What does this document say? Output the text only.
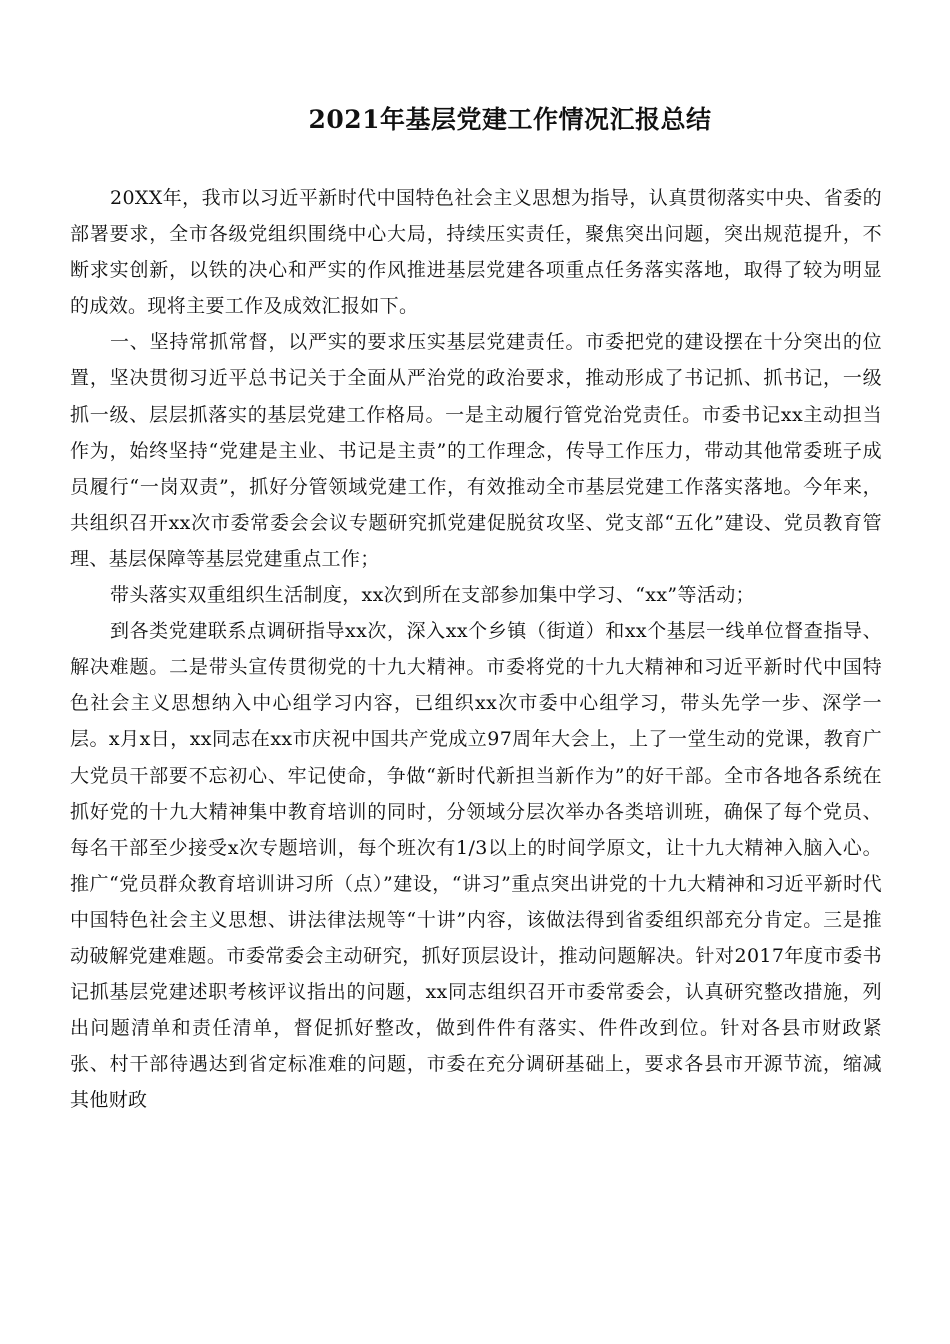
2021年基层党建工作情况汇报总结

20XX年，我市以习近平新时代中国特色社会主义思想为指导，认真贯彻落实中央、省委的部署要求，全市各级党组织围绕中心大局，持续压实责任，聚焦突出问题，突出规范提升，不断求实创新，以铁的决心和严实的作风推进基层党建各项重点任务落实落地，取得了较为明显的成效。现将主要工作及成效汇报如下。

一、坚持常抓常督，以严实的要求压实基层党建责任。市委把党的建设摆在十分突出的位置，坚决贯彻习近平总书记关于全面从严治党的政治要求，推动形成了书记抓、抓书记，一级抓一级、层层抓落实的基层党建工作格局。一是主动履行管党治党责任。市委书记xx主动担当作为，始终坚持“党建是主业、书记是主责”的工作理念，传导工作压力，带动其他常委班子成员履行“一岗双责”，抓好分管领域党建工作，有效推动全市基层党建工作落实落地。今年来，共组织召开xx次市委常委会会议专题研究抓党建促脱贫攻坚、党支部“五化”建设、党员教育管理、基层保障等基层党建重点工作；

带头落实双重组织生活制度，xx次到所在支部参加集中学习、“xx”等活动；

到各类党建联系点调研指导xx次，深入xx个乡镇（街道）和xx个基层一线单位督查指导、解决难题。二是带头宣传贯彻党的十九大精神。市委将党的十九大精神和习近平新时代中国特色社会主义思想纳入中心组学习内容，已组织xx次市委中心组学习，带头先学一步、深学一层。x月x日，xx同志在xx市庆祝中国共产党成立97周年大会上，上了一堂生动的党课，教育广大党员干部要不忘初心、牢记使命，争做“新时代新担当新作为”的好干部。全市各地各系统在抓好党的十九大精神集中教育培训的同时，分领域分层次举办各类培训班，确保了每个党员、每名干部至少接受x次专题培训，每个班次有1/3以上的时间学原文，让十九大精神入脑入心。推广“党员群众教育培训讲习所（点）”建设，“讲习”重点突出讲党的十九大精神和习近平新时代中国特色社会主义思想、讲法律法规等“十讲”内容，该做法得到省委组织部充分肯定。三是推动破解党建难题。市委常委会主动研究，抓好顶层设计，推动问题解决。针对2017年度市委书记抓基层党建述职考核评议指出的问题，xx同志组织召开市委常委会，认真研究整改措施，列出问题清单和责任清单，督促抓好整改，做到件件有落实、件件改到位。针对各县市财政紧张、村干部待遇达到省定标准难的问题，市委在充分调研基础上，要求各县市开源节流，缩减其他财政
